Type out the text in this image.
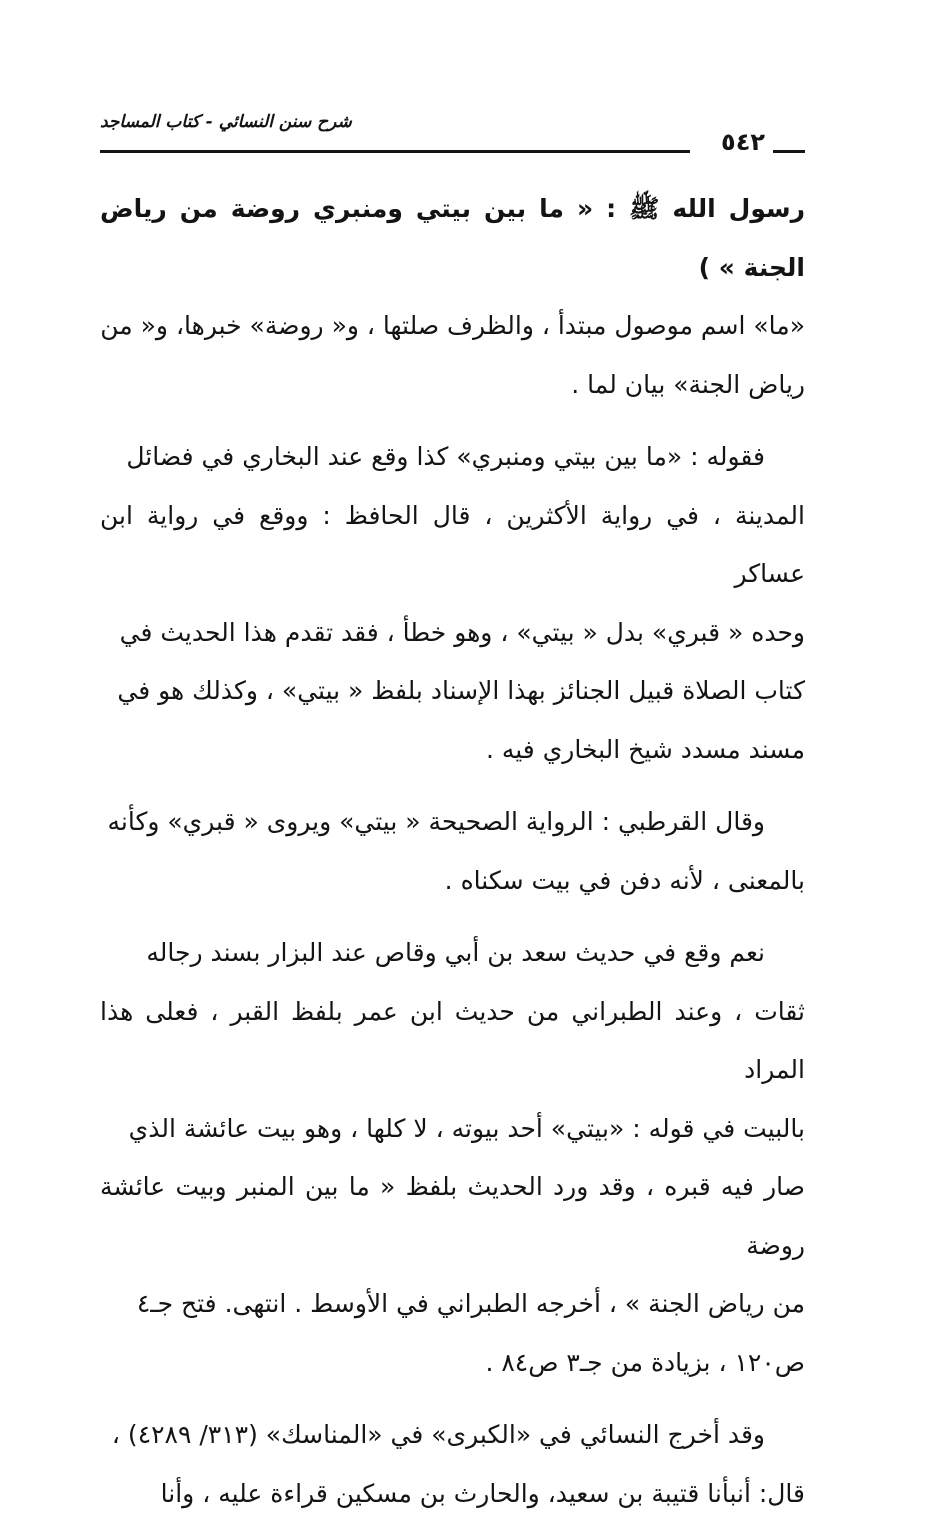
شرح سنن النسائي - كتاب المساجد
٥٤٢

رسول الله ﷺ : « ما بين بيتي ومنبري روضة من رياض الجنة » )
«ما» اسم موصول مبتدأ ، والظرف صلتها ، و« روضة» خبرها، و« من
رياض الجنة» بيان لما .

فقوله : «ما بين بيتي ومنبري» كذا وقع عند البخاري في فضائل
المدينة ، في رواية الأكثرين ، قال الحافظ : ووقع في رواية ابن عساكر
وحده « قبري» بدل « بيتي» ، وهو خطأ ، فقد تقدم هذا الحديث في
كتاب الصلاة قبيل الجنائز بهذا الإسناد بلفظ « بيتي» ، وكذلك هو في
مسند مسدد شيخ البخاري فيه .

وقال القرطبي : الرواية الصحيحة « بيتي» ويروى « قبري» وكأنه
بالمعنى ، لأنه دفن في بيت سكناه .

نعم وقع في حديث سعد بن أبي وقاص عند البزار بسند رجاله
ثقات ، وعند الطبراني من حديث ابن عمر بلفظ القبر ، فعلى هذا المراد
بالبيت في قوله : «بيتي» أحد بيوته ، لا كلها ، وهو بيت عائشة الذي
صار فيه قبره ، وقد ورد الحديث بلفظ « ما بين المنبر وبيت عائشة روضة
من رياض الجنة » ، أخرجه الطبراني في الأوسط . انتهى. فتح جـ٤
ص١٢٠ ، بزيادة من جـ٣ ص٨٤ .

وقد أخرج النسائي في «الكبرى» في «المناسك» (٣١٣/ ٤٢٨٩) ،
قال: أنبأنا قتيبة بن سعيد، والحارث بن مسكين قراءة عليه ، وأنا
